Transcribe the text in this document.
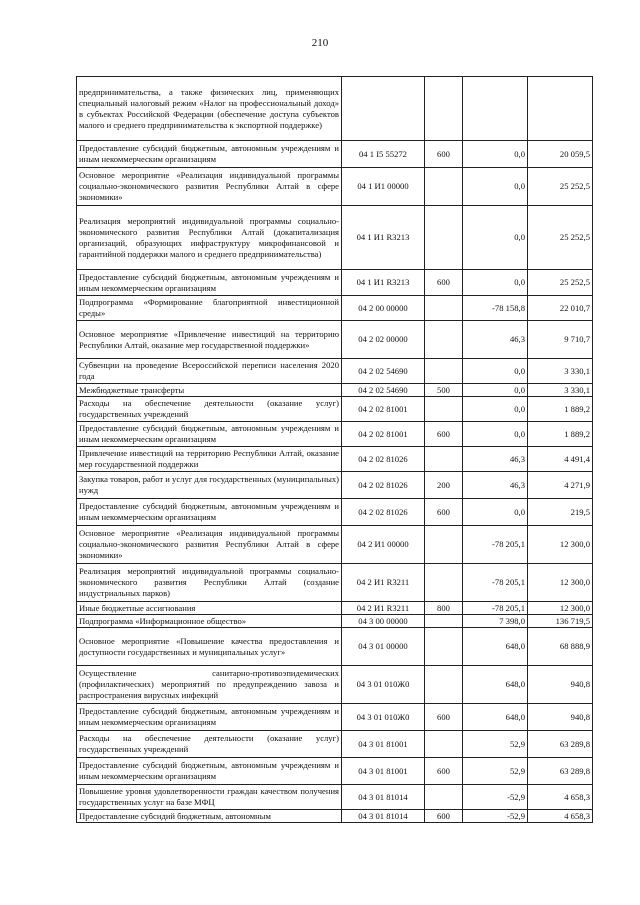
210
предпринимательства, а также физических лиц, применяющих специальный налоговый режим «Налог на профессиональный доход» в субъектах Российской Федерации (обеспечение доступа субъектов малого и среднего предпринимательства к экспортной поддержке)				
Предоставление субсидий бюджетным, автономным учреждениям и иным некоммерческим организациям	04 1 I5 55272	600	0,0	20 059,5
Основное мероприятие «Реализация индивидуальной программы социально-экономического развития Республики Алтай в сфере экономики»	04 1 И1 00000		0,0	25 252,5
Реализация мероприятий индивидуальной программы социально-экономического развития Республики Алтай (докапитализация организаций, образующих инфраструктуру микрофинансовой и гарантийной поддержки малого и среднего предпринимательства)	04 1 И1 R3213		0,0	25 252,5
Предоставление субсидий бюджетным, автономным учреждениям и иным некоммерческим организациям	04 1 И1 R3213	600	0,0	25 252,5
Подпрограмма «Формирование благоприятной инвестиционной среды»	04 2 00 00000		-78 158,8	22 010,7
Основное мероприятие «Привлечение инвестиций на территорию Республики Алтай, оказание мер государственной поддержки»	04 2 02 00000		46,3	9 710,7
Субвенции на проведение Всероссийской переписи населения 2020 года	04 2 02 54690		0,0	3 330,1
Межбюджетные трансферты	04 2 02 54690	500	0,0	3 330,1
Расходы на обеспечение деятельности (оказание услуг) государственных учреждений	04 2 02 81001		0,0	1 889,2
Предоставление субсидий бюджетным, автономным учреждениям и иным некоммерческим организациям	04 2 02 81001	600	0,0	1 889,2
Привлечение инвестиций на территорию Республики Алтай, оказание мер государственной поддержки	04 2 02 81026		46,3	4 491,4
Закупка товаров, работ и услуг для государственных (муниципальных) нужд	04 2 02 81026	200	46,3	4 271,9
Предоставление субсидий бюджетным, автономным учреждениям и иным некоммерческим организациям	04 2 02 81026	600	0,0	219,5
Основное мероприятие «Реализация индивидуальной программы социально-экономического развития Республики Алтай в сфере экономики»	04 2 И1 00000		-78 205,1	12 300,0
Реализация мероприятий индивидуальной программы социально-экономического развития Республики Алтай (создание индустриальных парков)	04 2 И1 R3211		-78 205,1	12 300,0
Иные бюджетные ассигнования	04 2 И1 R3211	800	-78 205,1	12 300,0
Подпрограмма «Информационное общество»	04 3 00 00000		7 398,0	136 719,5
Основное мероприятие «Повышение качества предоставления и доступности государственных и муниципальных услуг»	04 3 01 00000		648,0	68 888,9
Осуществление санитарно-противоэпидемических (профилактических) мероприятий по предупреждению завоза и распространения вирусных инфекций	04 3 01 010Ж0		648,0	940,8
Предоставление субсидий бюджетным, автономным учреждениям и иным некоммерческим организациям	04 3 01 010Ж0	600	648,0	940,8
Расходы на обеспечение деятельности (оказание услуг) государственных учреждений	04 3 01 81001		52,9	63 289,8
Предоставление субсидий бюджетным, автономным учреждениям и иным некоммерческим организациям	04 3 01 81001	600	52,9	63 289,8
Повышение уровня удовлетворенности граждан качеством получения государственных услуг на базе МФЦ	04 3 01 81014		-52,9	4 658,3
Предоставление субсидий бюджетным, автономным	04 3 01 81014	600	-52,9	4 658,3
